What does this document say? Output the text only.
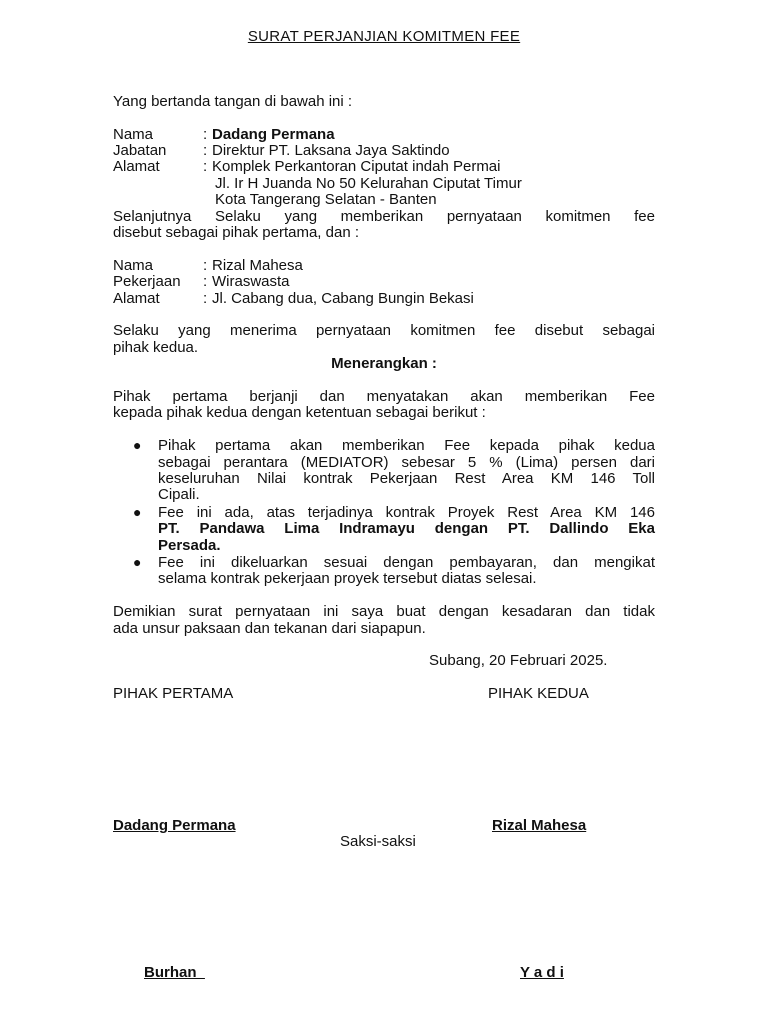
SURAT PERJANJIAN KOMITMEN FEE
Yang bertanda tangan di bawah ini :
Nama	: Dadang Permana
Jabatan : Direktur PT. Laksana Jaya Saktindo
Alamat	: Komplek Perkantoran Ciputat indah Permai
Jl. Ir H Juanda No 50 Kelurahan Ciputat Timur
Kota Tangerang Selatan - Banten
Selanjutnya Selaku yang memberikan pernyataan komitmen fee
disebut sebagai pihak pertama, dan :
Nama	: Rizal Mahesa
Pekerjaan : Wiraswasta
Alamat	: Jl. Cabang dua, Cabang Bungin Bekasi
Selaku yang menerima pernyataan komitmen fee disebut sebagai
pihak kedua.
Menerangkan :
Pihak pertama berjanji dan menyatakan akan memberikan Fee
kepada pihak kedua dengan ketentuan sebagai berikut :
● Pihak pertama akan memberikan Fee kepada pihak kedua
sebagai perantara (MEDIATOR) sebesar 5 % (Lima) persen dari
keseluruhan Nilai kontrak Pekerjaan Rest Area KM 146 Toll
Cipali.
● Fee ini ada, atas terjadinya kontrak Proyek Rest Area KM 146
PT. Pandawa Lima Indramayu dengan PT. Dallindo Eka
Persada.
● Fee ini dikeluarkan sesuai dengan pembayaran, dan mengikat
selama kontrak pekerjaan proyek tersebut diatas selesai.
Demikian surat pernyataan ini saya buat dengan kesadaran dan tidak
ada unsur paksaan dan tekanan dari siapapun.
Subang, 20 Februari 2025.
PIHAK PERTAMA	PIHAK KEDUA
Dadang Permana	Rizal Mahesa
Saksi-saksi
Burhan_	Y a d i
